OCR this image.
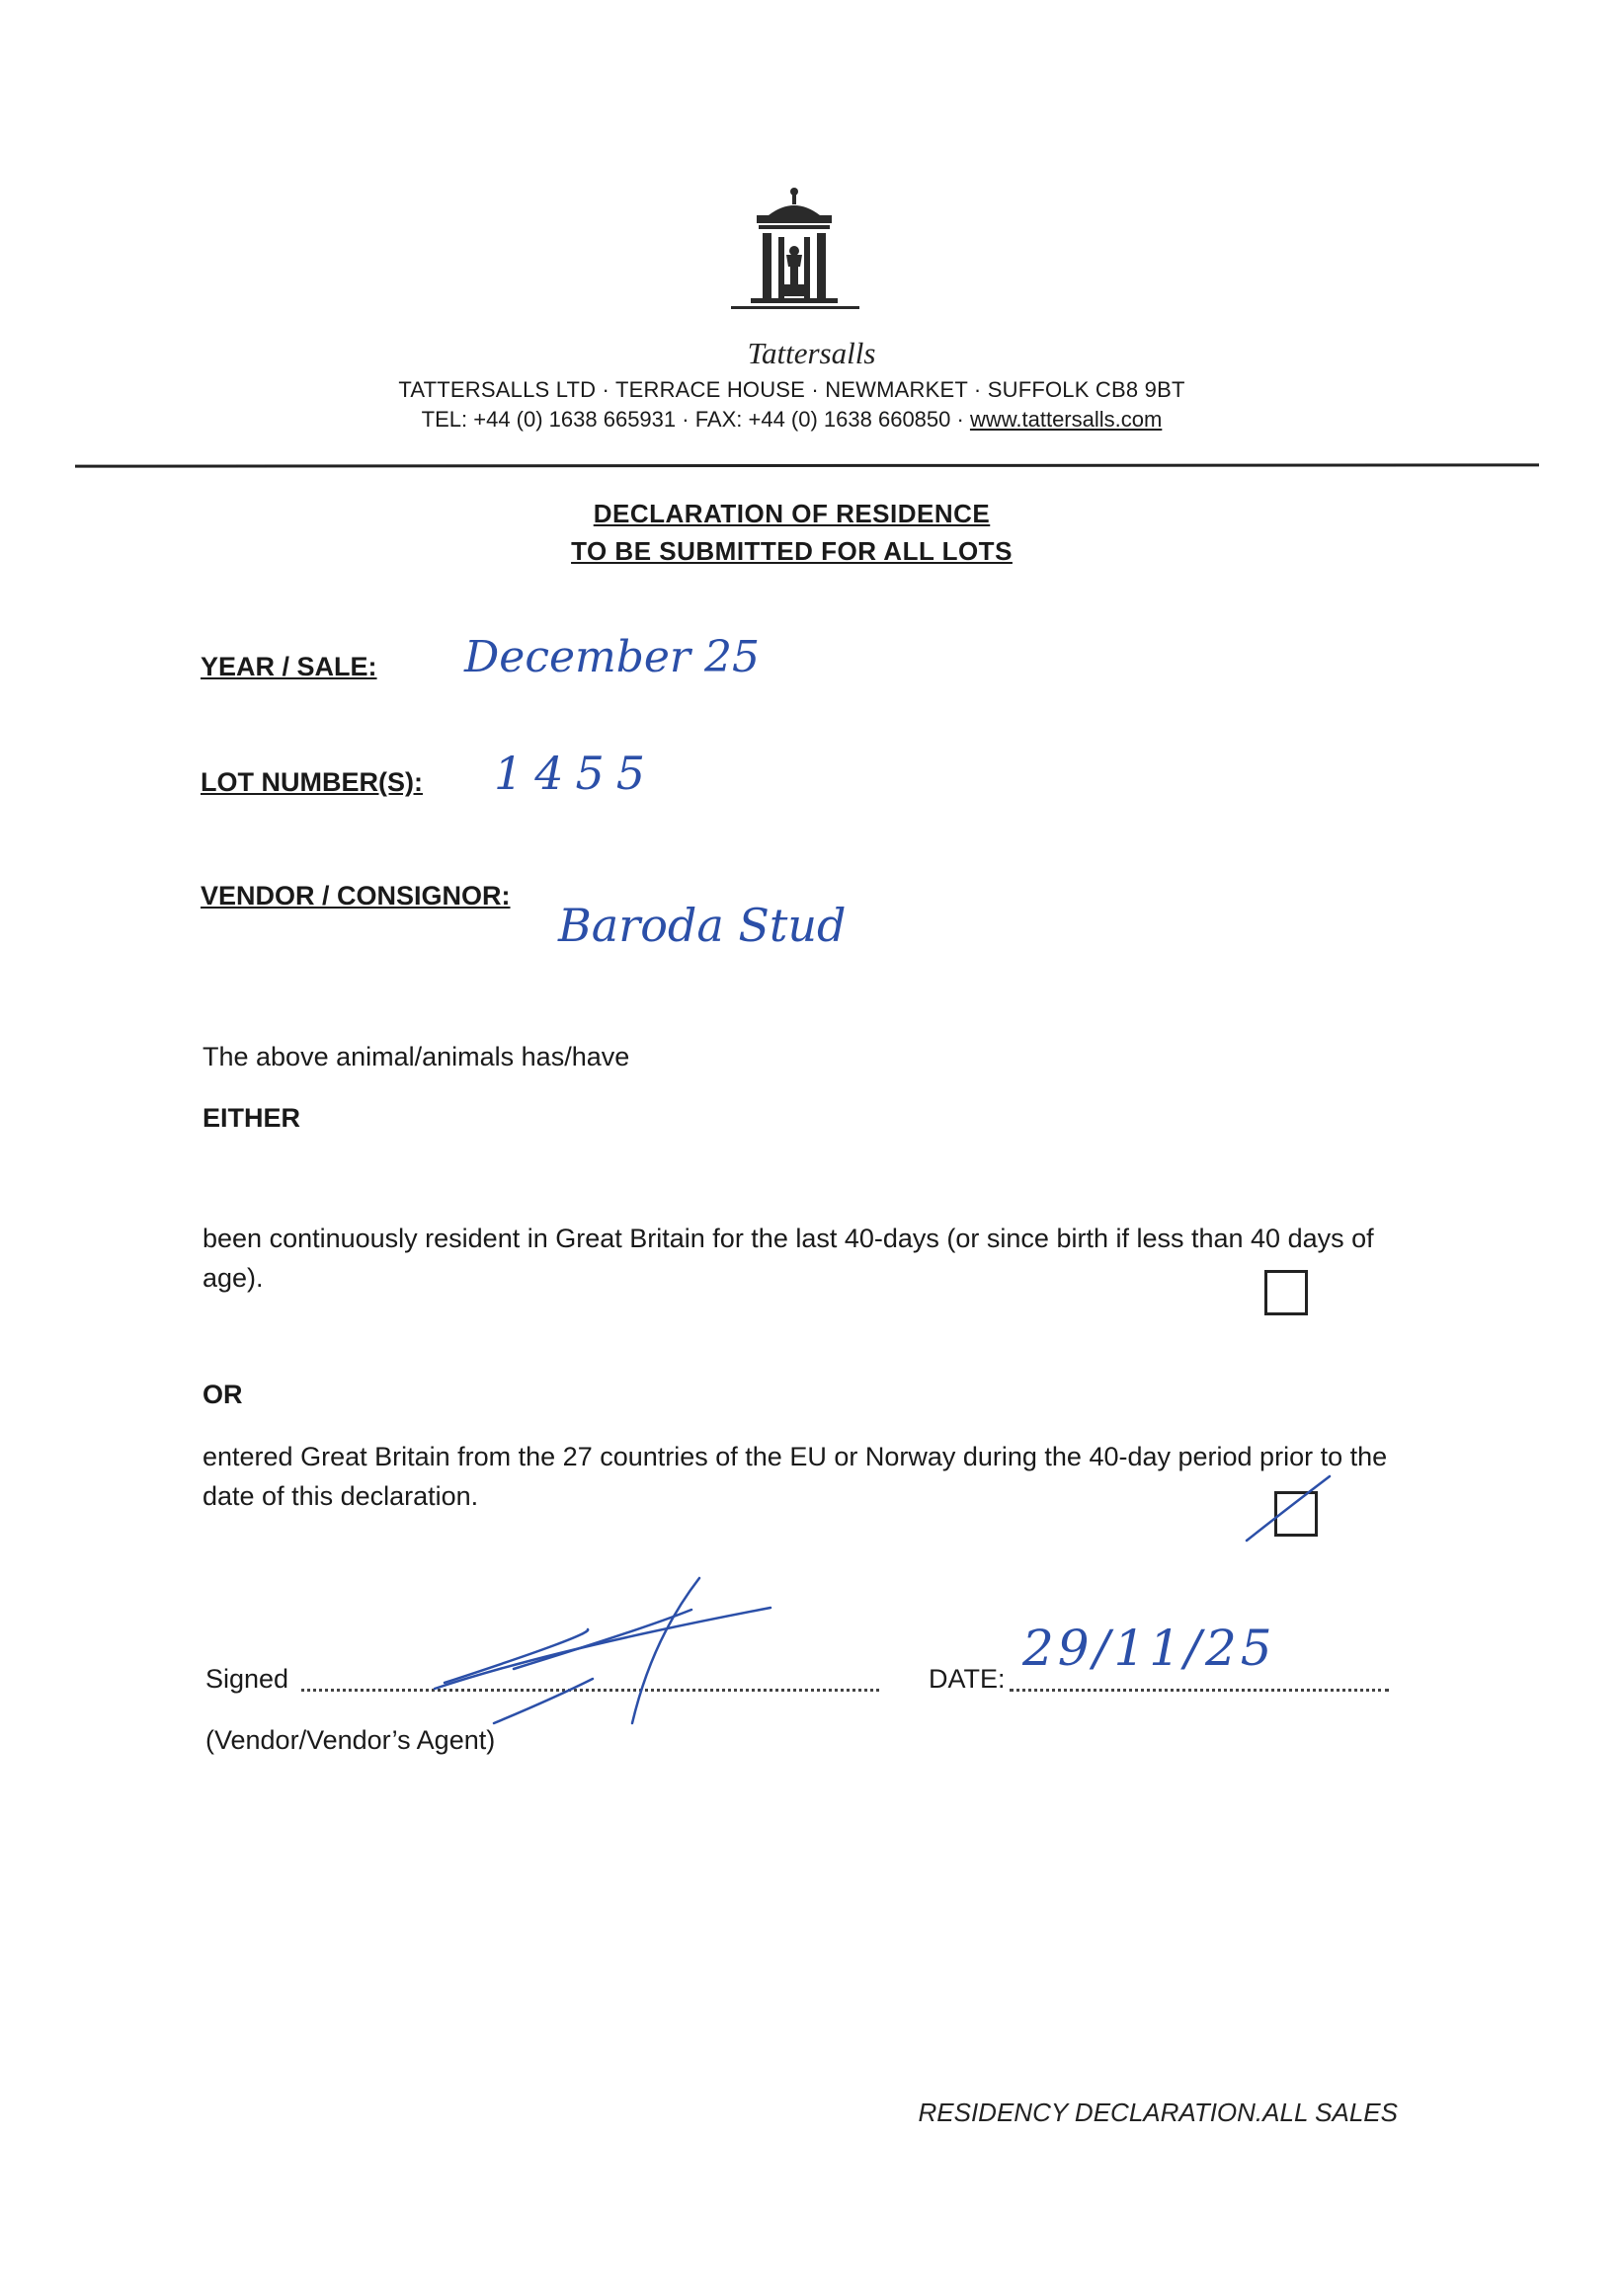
Tattersalls
TATTERSALLS LTD · TERRACE HOUSE · NEWMARKET · SUFFOLK CB8 9BT
TEL: +44 (0) 1638 665931 · FAX: +44 (0) 1638 660850 · www.tattersalls.com
DECLARATION OF RESIDENCE
TO BE SUBMITTED FOR ALL LOTS
YEAR / SALE: December 25
LOT NUMBER(S): 1455
VENDOR / CONSIGNOR:
Baroda Stud
The above animal/animals has/have
EITHER
been continuously resident in Great Britain for the last 40-days (or since birth if less than 40 days of age).
OR
entered Great Britain from the 27 countries of the EU or Norway during the 40-day period prior to the date of this declaration.
Signed
(Vendor/Vendor’s Agent)
DATE:
29/11/25
RESIDENCY DECLARATION.ALL SALES
